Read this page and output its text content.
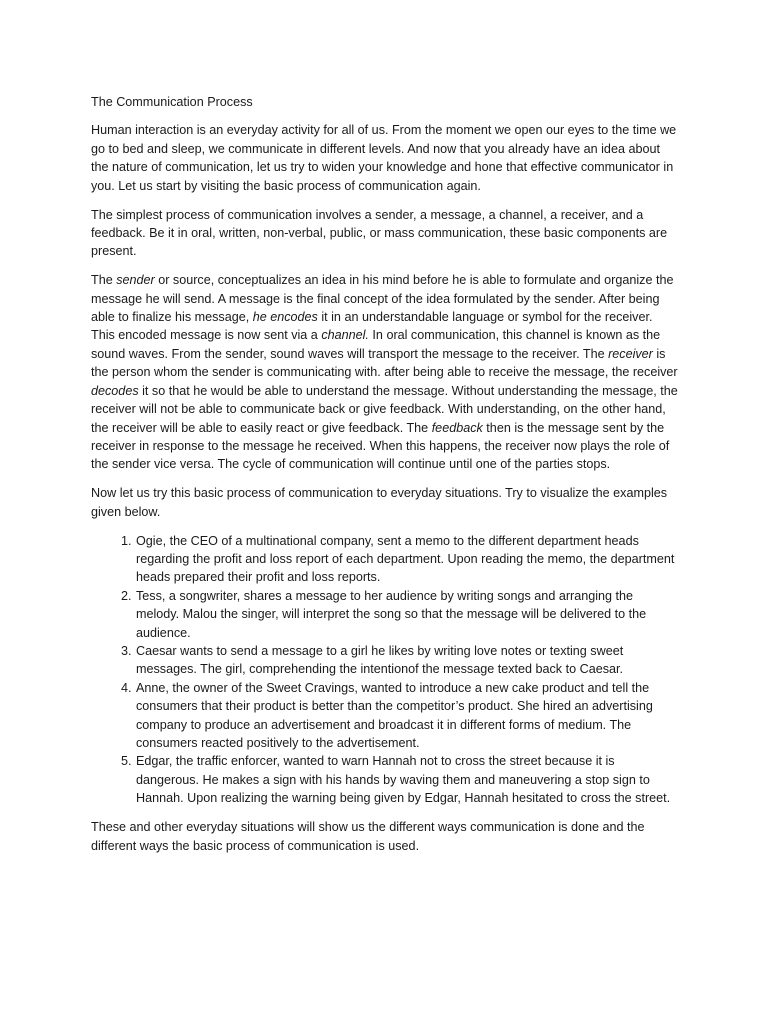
The Communication Process

Human interaction is an everyday activity for all of us. From the moment we open our eyes to the time we go to bed and sleep, we communicate in different levels. And now that you already have an idea about the nature of communication, let us try to widen your knowledge and hone that effective communicator in you. Let us start by visiting the basic process of communication again.

The simplest process of communication involves a sender, a message, a channel, a receiver, and a feedback. Be it in oral, written, non-verbal, public, or mass communication, these basic components are present.

The sender or source, conceptualizes an idea in his mind before he is able to formulate and organize the message he will send. A message is the final concept of the idea formulated by the sender. After being able to finalize his message, he encodes it in an understandable language or symbol for the receiver. This encoded message is now sent via a channel. In oral communication, this channel is known as the sound waves. From the sender, sound waves will transport the message to the receiver. The receiver is the person whom the sender is communicating with. after being able to receive the message, the receiver decodes it so that he would be able to understand the message. Without understanding the message, the receiver will not be able to communicate back or give feedback. With understanding, on the other hand, the receiver will be able to easily react or give feedback. The feedback then is the message sent by the receiver in response to the message he received. When this happens, the receiver now plays the role of the sender vice versa. The cycle of communication will continue until one of the parties stops.

Now let us try this basic process of communication to everyday situations. Try to visualize the examples given below.

1. Ogie, the CEO of a multinational company, sent a memo to the different department heads regarding the profit and loss report of each department. Upon reading the memo, the department heads prepared their profit and loss reports.
2. Tess, a songwriter, shares a message to her audience by writing songs and arranging the melody. Malou the singer, will interpret the song so that the message will be delivered to the audience.
3. Caesar wants to send a message to a girl he likes by writing love notes or texting sweet messages. The girl, comprehending the intentionof the message texted back to Caesar.
4. Anne, the owner of the Sweet Cravings, wanted to introduce a new cake product and tell the consumers that their product is better than the competitor’s product. She hired an advertising company to produce an advertisement and broadcast it in different forms of medium. The consumers reacted positively to the advertisement.
5. Edgar, the traffic enforcer, wanted to warn Hannah not to cross the street because it is dangerous. He makes a sign with his hands by waving them and maneuvering a stop sign to Hannah. Upon realizing the warning being given by Edgar, Hannah hesitated to cross the street.

These and other everyday situations will show us the different ways communication is done and the different ways the basic process of communication is used.
